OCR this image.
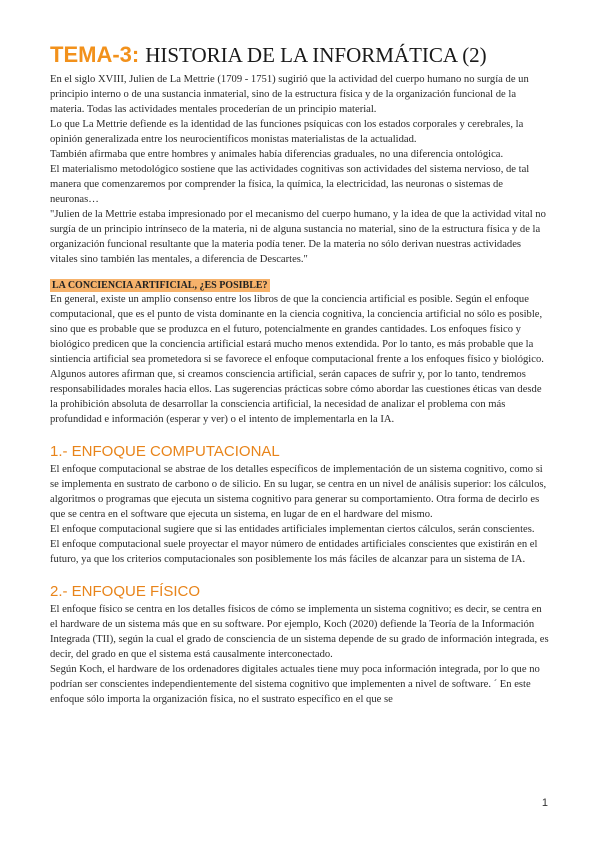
TEMA-3: HISTORIA DE LA INFORMÁTICA (2)

En el siglo XVIII, Julien de La Mettrie (1709 - 1751) sugirió que la actividad del cuerpo humano no surgía de un principio interno o de una sustancia inmaterial, sino de la estructura física y de la organización funcional de la materia. Todas las actividades mentales procederían de un principio material.

Lo que La Mettrie defiende es la identidad de las funciones psíquicas con los estados corporales y cerebrales, la opinión generalizada entre los neurocientíficos monistas materialistas de la actualidad.

También afirmaba que entre hombres y animales había diferencias graduales, no una diferencia ontológica.

El materialismo metodológico sostiene que las actividades cognitivas son actividades del sistema nervioso, de tal manera que comenzaremos por comprender la física, la química, la electricidad, las neuronas o sistemas de neuronas…

"Julien de la Mettrie estaba impresionado por el mecanismo del cuerpo humano, y la idea de que la actividad vital no surgía de un principio intrínseco de la materia, ni de alguna sustancia no material, sino de la estructura física y de la organización funcional resultante que la materia podía tener. De la materia no sólo derivan nuestras actividades vitales sino también las mentales, a diferencia de Descartes."

LA CONCIENCIA ARTIFICIAL, ¿ES POSIBLE?

En general, existe un amplio consenso entre los libros de que la conciencia artificial es posible. Según el enfoque computacional, que es el punto de vista dominante en la ciencia cognitiva, la conciencia artificial no sólo es posible, sino que es probable que se produzca en el futuro, potencialmente en grandes cantidades. Los enfoques físico y biológico predicen que la conciencia artificial estará mucho menos extendida. Por lo tanto, es más probable que la sintiencia artificial sea prometedora si se favorece el enfoque computacional frente a los enfoques físico y biológico.

Algunos autores afirman que, si creamos consciencia artificial, serán capaces de sufrir y, por lo tanto, tendremos responsabilidades morales hacia ellos. Las sugerencias prácticas sobre cómo abordar las cuestiones éticas van desde la prohibición absoluta de desarrollar la consciencia artificial, la necesidad de analizar el problema con más profundidad e información (esperar y ver) o el intento de implementarla en la IA.

1.- ENFOQUE COMPUTACIONAL

El enfoque computacional se abstrae de los detalles específicos de implementación de un sistema cognitivo, como si se implementa en sustrato de carbono o de silicio. En su lugar, se centra en un nivel de análisis superior: los cálculos, algoritmos o programas que ejecuta un sistema cognitivo para generar su comportamiento. Otra forma de decirlo es que se centra en el software que ejecuta un sistema, en lugar de en el hardware del mismo.

El enfoque computacional sugiere que si las entidades artificiales implementan ciertos cálculos, serán conscientes.

El enfoque computacional suele proyectar el mayor número de entidades artificiales conscientes que existirán en el futuro, ya que los criterios computacionales son posiblemente los más fáciles de alcanzar para un sistema de IA.

2.- ENFOQUE FÍSICO

El enfoque físico se centra en los detalles físicos de cómo se implementa un sistema cognitivo; es decir, se centra en el hardware de un sistema más que en su software. Por ejemplo, Koch (2020) defiende la Teoría de la Información Integrada (TII), según la cual el grado de consciencia de un sistema depende de su grado de información integrada, es decir, del grado en que el sistema está causalmente interconectado.

Según Koch, el hardware de los ordenadores digitales actuales tiene muy poca información integrada, por lo que no podrían ser conscientes independientemente del sistema cognitivo que implementen a nivel de software. ´ En este enfoque sólo importa la organización física, no el sustrato específico en el que se

1
